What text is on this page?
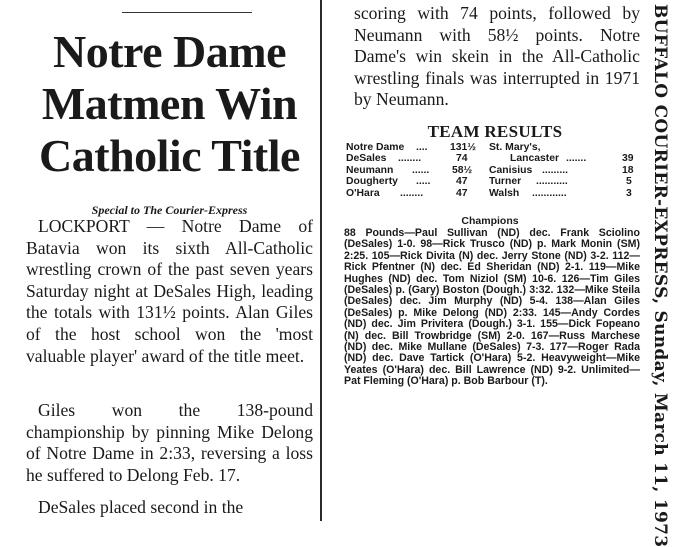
Notre Dame
Matmen Win
Catholic Title
Special to The Courier-Express

LOCKPORT — Notre Dame of Batavia won its sixth All-Catholic wrestling crown of the past seven years Saturday night at DeSales High, leading the totals with 131½ points. Alan Giles of the host school won the 'most valuable player' award of the title meet.

Giles won the 138-pound championship by pinning Mike Delong of Notre Dame in 2:33, reversing a loss he suffered to Delong Feb. 17.

DeSales placed second in the

scoring with 74 points, followed by Neumann with 58½ points. Notre Dame's win skein in the All-Catholic wrestling finals was interrupted in 1971 by Neumann.

TEAM RESULTS
Notre Dame .... 131½ St. Mary's,
DeSales ........	74	Lancaster .......	39
Neumann ...... 58½ Canisius .........	18
Dougherty ..... 47 Turner ...........	5
O'Hara ........	47 Walsh ............	3
Champions

88 Pounds—Paul Sullivan (ND) dec. Frank Sciolino (DeSales) 1-0. 98—Rick Trusco (ND) p. Mark Monin (SM) 2:25. 105—Rick Divita (N) dec. Jerry Stone (ND) 3-2. 112—Rick Pfentner (N) dec. Ed Sheridan (ND) 2-1. 119—Mike Hughes (ND) dec. Tom Niziol (SM) 10-6. 126—Tim Giles (DeSales) p. (Gary) Boston (Dough.) 3:32. 132—Mike Steila (DeSales) dec. Jim Murphy (ND) 5-4. 138—Alan Giles (DeSales) p. Mike Delong (ND) 2:33. 145—Andy Cordes (ND) dec. Jim Privitera (Dough.) 3-1. 155—Dick Fopeano (N) dec. Bill Trowbridge (SM) 2-0. 167—Russ Marchese (ND) dec. Mike Mullane (DeSales) 7-3. 177—Roger Rada (ND) dec. Dave Tartick (O'Hara) 5-2. Heavyweight—Mike Yeates (O'Hara) dec. Bill Lawrence (ND) 9-2. Unlimited—Pat Fleming (O'Hara) p. Bob Barbour (T).	BUFFALO COURIER-EXPRESS, Sunday, March 11, 1973
